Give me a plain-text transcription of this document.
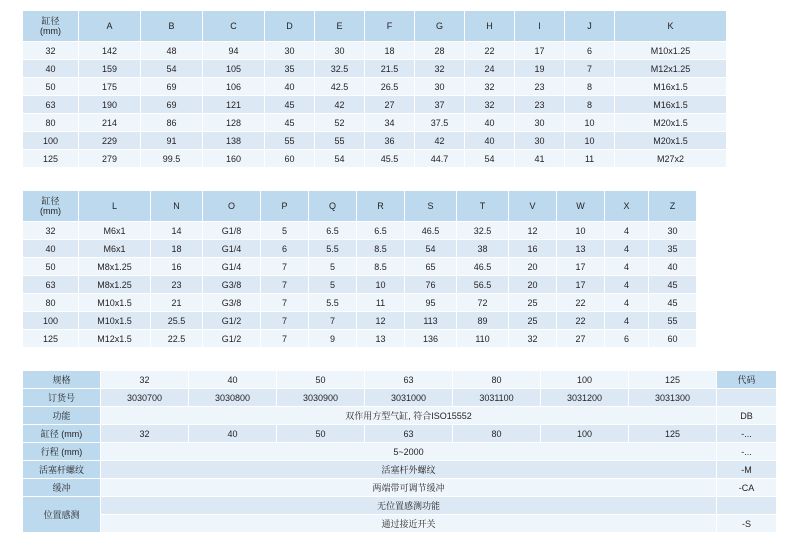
缸径
(mm)	A	B	C	D	E	F	G	H	I	J	K
32	142	48	94	30	30	18	28	22	17	6	M10x1.25
40	159	54	105	35	32.5	21.5	32	24	19	7	M12x1.25
50	175	69	106	40	42.5	26.5	30	32	23	8	M16x1.5
63	190	69	121	45	42	27	37	32	23	8	M16x1.5
80	214	86	128	45	52	34	37.5	40	30	10	M20x1.5
100	229	91	138	55	55	36	42	40	30	10	M20x1.5
125	279	99.5	160	60	54	45.5	44.7	54	41	11	M27x2
缸径
(mm)	L	N	O	P	Q	R	S	T	V	W	X	Z
32	M6x1	14	G1/8	5	6.5	6.5	46.5	32.5	12	10	4	30
40	M6x1	18	G1/4	6	5.5	8.5	54	38	16	13	4	35
50	M8x1.25	16	G1/4	7	5	8.5	65	46.5	20	17	4	40
63	M8x1.25	23	G3/8	7	5	10	76	56.5	20	17	4	45
80	M10x1.5	21	G3/8	7	5.5	11	95	72	25	22	4	45
100	M10x1.5	25.5	G1/2	7	7	12	113	89	25	22	4	55
125	M12x1.5	22.5	G1/2	7	9	13	136	110	32	27	6	60
规格	32	40	50	63	80	100	125	代码
订货号	3030700	3030800	3030900	3031000	3031100	3031200	3031300	
功能	双作用方型气缸, 符合ISO15552							DB
缸径 (mm)	32	40	50	63	80	100	125	-...
行程 (mm)	5~2000							-...
活塞杆螺纹	活塞杆外螺纹							-M
缓冲	两端带可调节缓冲							-CA
位置感测	无位置感测功能							
	通过接近开关							-S
